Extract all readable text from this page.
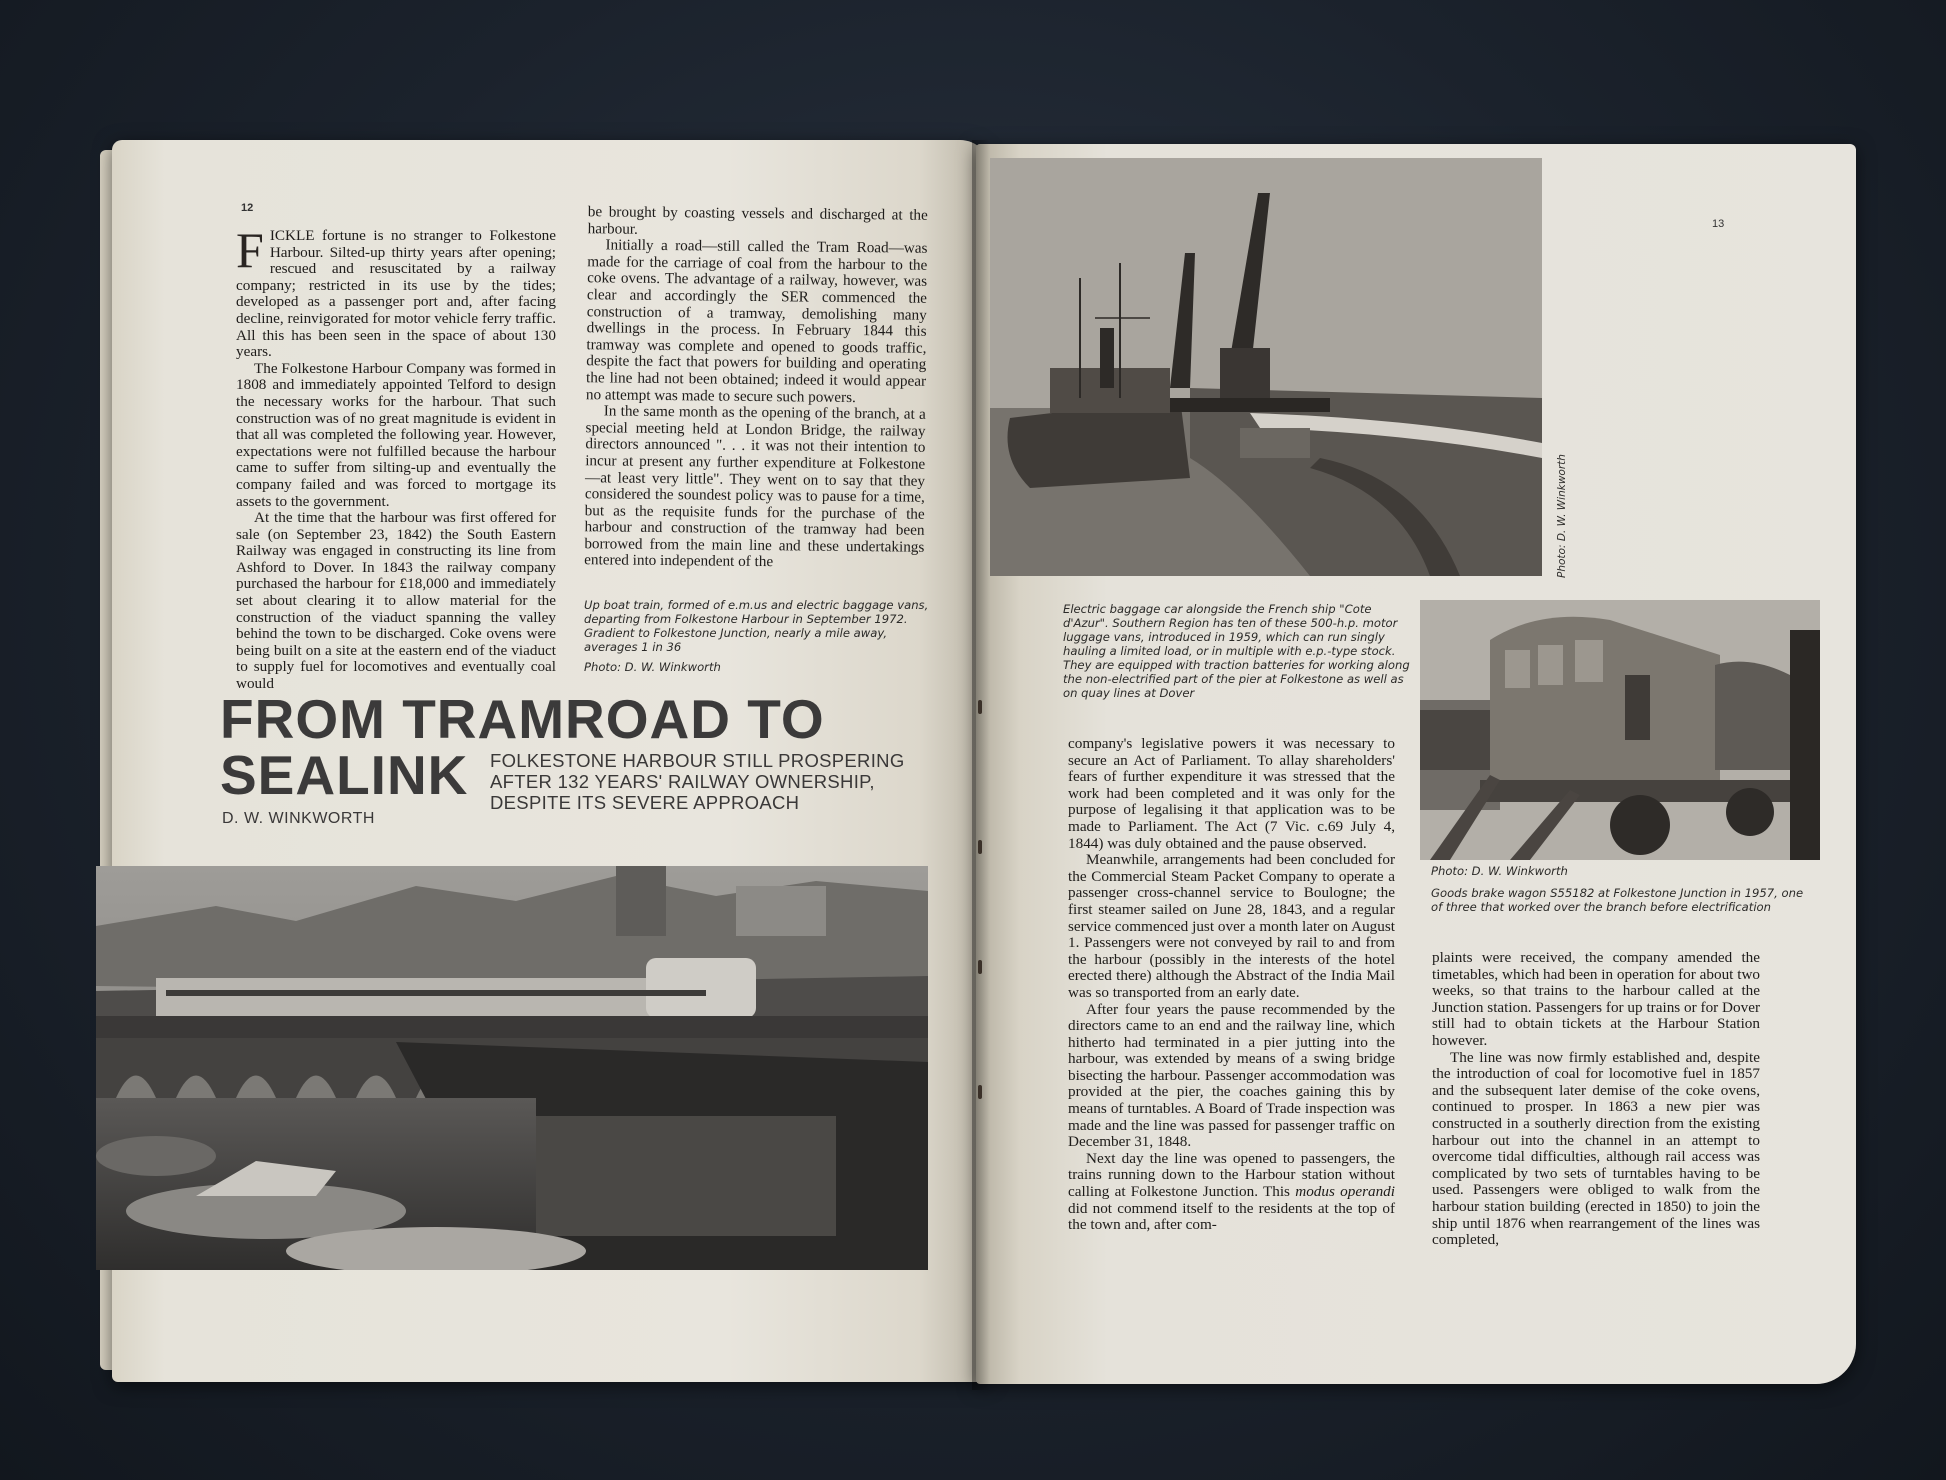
12

FICKLE fortune is no stranger to Folkestone Harbour. Silted-up thirty years after opening; rescued and resuscitated by a railway company; restricted in its use by the tides; developed as a passenger port and, after facing decline, reinvigorated for motor vehicle ferry traffic. All this has been seen in the space of about 130 years.

The Folkestone Harbour Company was formed in 1808 and immediately appointed Telford to design the necessary works for the harbour. That such construction was of no great magnitude is evident in that all was completed the following year. However, expectations were not fulfilled because the harbour came to suffer from silting-up and eventually the company failed and was forced to mortgage its assets to the government.

At the time that the harbour was first offered for sale (on September 23, 1842) the South Eastern Railway was engaged in constructing its line from Ashford to Dover. In 1843 the railway company purchased the harbour for £18,000 and immediately set about clearing it to allow material for the construction of the viaduct spanning the valley behind the town to be discharged. Coke ovens were being built on a site at the eastern end of the viaduct to supply fuel for locomotives and eventually coal would

be brought by coasting vessels and discharged at the harbour.

Initially a road—still called the Tram Road—was made for the carriage of coal from the harbour to the coke ovens. The advantage of a railway, however, was clear and accordingly the SER commenced the construction of a tramway, demolishing many dwellings in the process. In February 1844 this tramway was complete and opened to goods traffic, despite the fact that powers for building and operating the line had not been obtained; indeed it would appear no attempt was made to secure such powers.

In the same month as the opening of the branch, at a special meeting held at London Bridge, the railway directors announced ". . . it was not their intention to incur at present any further expenditure at Folkestone—at least very little". They went on to say that they considered the soundest policy was to pause for a time, but as the requisite funds for the purchase of the harbour and construction of the tramway had been borrowed from the main line and these undertakings entered into independent of the

Up boat train, formed of e.m.us and electric baggage vans, departing from Folkestone Harbour in September 1972. Gradient to Folkestone Junction, nearly a mile away, averages 1 in 36
Photo: D. W. Winkworth
FROM TRAMROAD TO
SEALINK FOLKESTONE HARBOUR STILL PROSPERING AFTER 132 YEARS' RAILWAY OWNERSHIP, DESPITE ITS SEVERE APPROACH
D. W. WINKWORTH
Photo: D. W. Winkworth
13
Electric baggage car alongside the French ship "Cote d'Azur". Southern Region has ten of these 500-h.p. motor luggage vans, introduced in 1959, which can run singly hauling a limited load, or in multiple with e.p.-type stock. They are equipped with traction batteries for working along the non-electrified part of the pier at Folkestone as well as on quay lines at Dover
Photo: D. W. Winkworth
Goods brake wagon S55182 at Folkestone Junction in 1957, one of three that worked over the branch before electrification

company's legislative powers it was necessary to secure an Act of Parliament. To allay shareholders' fears of further expenditure it was stressed that the work had been completed and it was only for the purpose of legalising it that application was to be made to Parliament. The Act (7 Vic. c.69 July 4, 1844) was duly obtained and the pause observed.

Meanwhile, arrangements had been concluded for the Commercial Steam Packet Company to operate a passenger cross-channel service to Boulogne; the first steamer sailed on June 28, 1843, and a regular service commenced just over a month later on August 1. Passengers were not conveyed by rail to and from the harbour (possibly in the interests of the hotel erected there) although the Abstract of the India Mail was so transported from an early date.

After four years the pause recommended by the directors came to an end and the railway line, which hitherto had terminated in a pier jutting into the harbour, was extended by means of a swing bridge bisecting the harbour. Passenger accommodation was provided at the pier, the coaches gaining this by means of turntables. A Board of Trade inspection was made and the line was passed for passenger traffic on December 31, 1848.

Next day the line was opened to passengers, the trains running down to the Harbour station without calling at Folkestone Junction. This modus operandi did not commend itself to the residents at the top of the town and, after com-

plaints were received, the company amended the timetables, which had been in operation for about two weeks, so that trains to the harbour called at the Junction station. Passengers for up trains or for Dover still had to obtain tickets at the Harbour Station however.

The line was now firmly established and, despite the introduction of coal for locomotive fuel in 1857 and the subsequent later demise of the coke ovens, continued to prosper. In 1863 a new pier was constructed in a southerly direction from the existing harbour out into the channel in an attempt to overcome tidal difficulties, although rail access was complicated by two sets of turntables having to be used. Passengers were obliged to walk from the harbour station building (erected in 1850) to join the ship until 1876 when rearrangement of the lines was completed,
